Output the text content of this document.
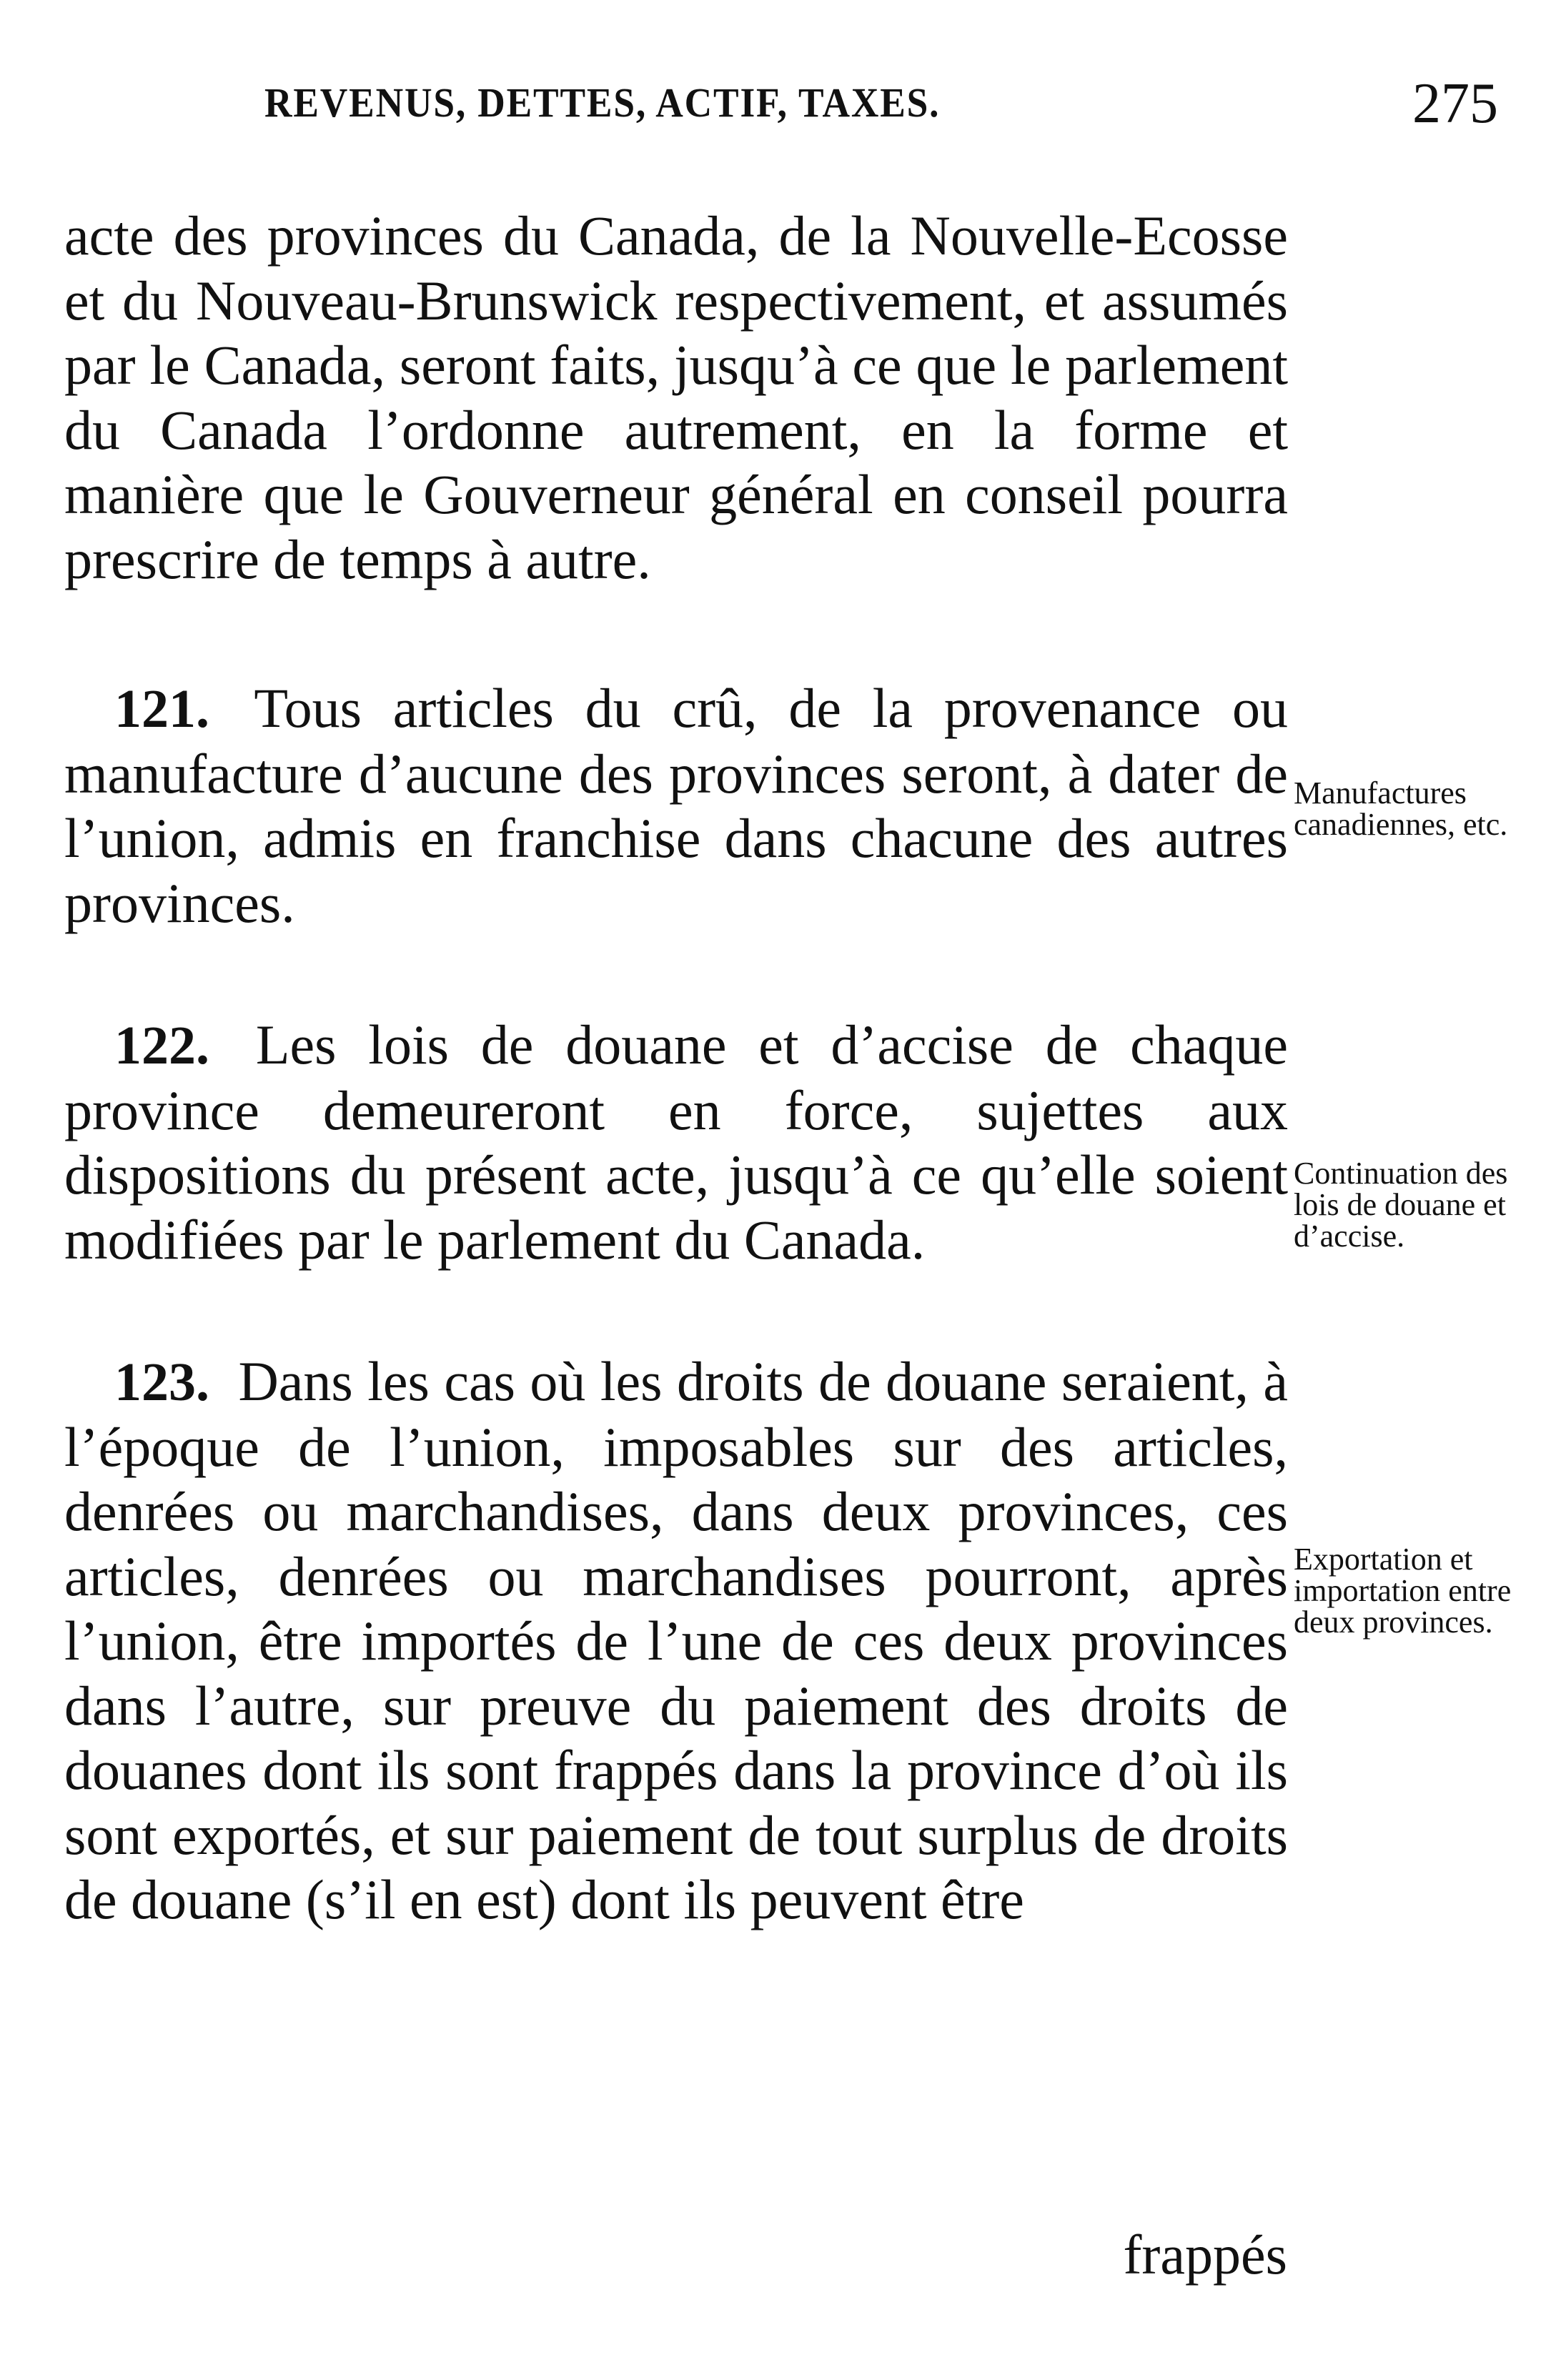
REVENUS, DETTES, ACTIF, TAXES.	275

acte des provinces du Canada, de la Nouvelle-Ecosse et du Nouveau-Brunswick respectivement, et assumés par le Canada, seront faits, jusqu’à ce que le parlement du Canada l’ordonne autrement, en la forme et manière que le Gouverneur général en conseil pourra prescrire de temps à autre.

121. Tous articles du crû, de la provenance ou manufacture d’aucune des provinces seront, à dater de l’union, admis en franchise dans chacune des autres provinces.

122. Les lois de douane et d’accise de chaque province demeureront en force, sujettes aux dispositions du présent acte, jusqu’à ce qu’elle soient modifiées par le parlement du Canada.

123. Dans les cas où les droits de douane seraient, à l’époque de l’union, imposables sur des articles, denrées ou marchandises, dans deux provinces, ces articles, denrées ou marchandises pourront, après l’union, être importés de l’une de ces deux provinces dans l’autre, sur preuve du paiement des droits de douanes dont ils sont frappés dans la province d’où ils sont exportés, et sur paiement de tout surplus de droits de douane (s’il en est) dont ils peuvent être

frappés
Manufactures canadiennes, etc.
Continuation des lois de douane et d’accise.
Exportation et importation entre deux provinces.
